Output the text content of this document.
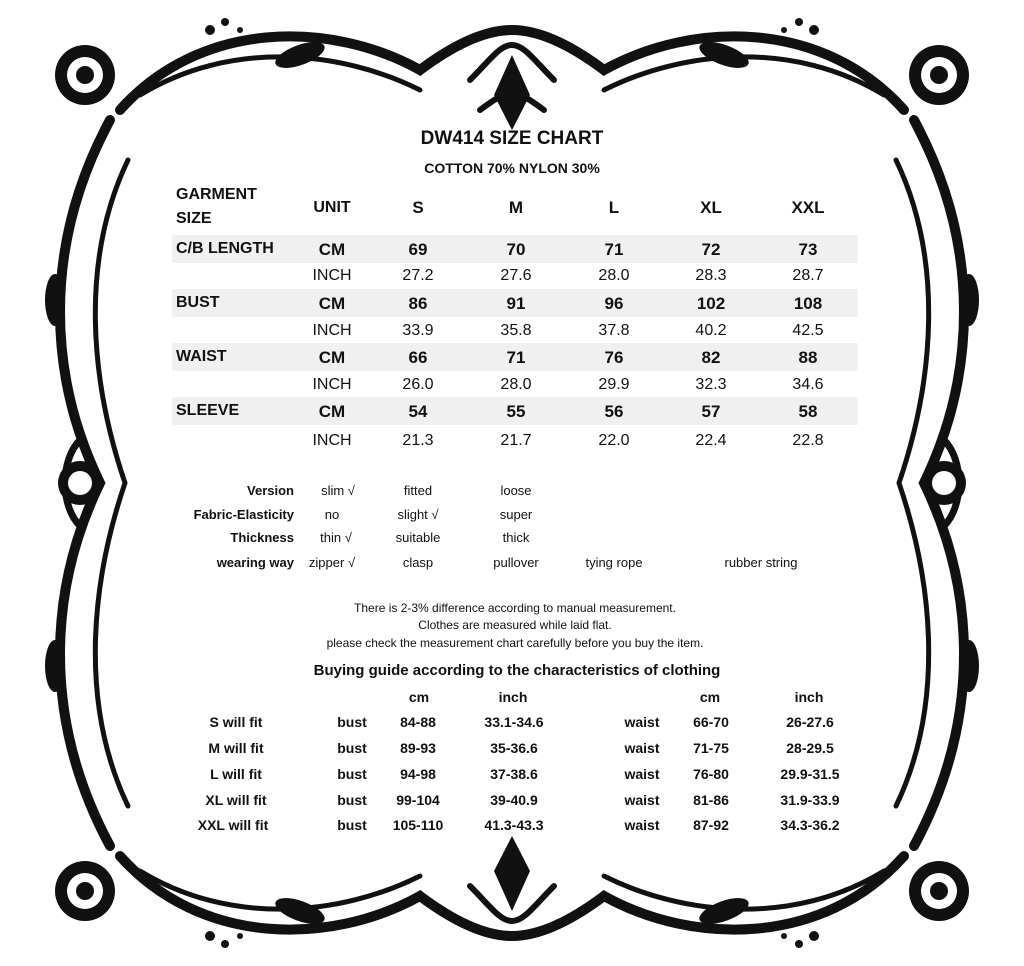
DW414 SIZE CHART
COTTON 70% NYLON 30%
GARMENT
SIZE
UNIT	S	M	L	XL	XXL
C/B LENGTH	CM	69	70	71	72	73
INCH	27.2	27.6	28.0	28.3	28.7
BUST	CM	86	91	96	102	108
INCH	33.9	35.8	37.8	40.2	42.5
WAIST	CM	66	71	76	82	88
INCH	26.0	28.0	29.9	32.3	34.6
SLEEVE	CM	54	55	56	57	58
INCH	21.3	21.7	22.0	22.4	22.8
Version	slim √	fitted	loose
Fabric-Elasticity	no	slight √	super
Thickness	thin √	suitable	thick
wearing way	zipper √	clasp	pullover	tying rope	rubber string
There is 2-3% difference according to manual measurement.
Clothes are measured while laid flat.
please check the measurement chart carefully before you buy the item.
Buying guide according to the characteristics of clothing
cm	inch	cm	inch
S will fit	bust	84-88	33.1-34.6	waist	66-70	26-27.6
M will fit	bust	89-93	35-36.6	waist	71-75	28-29.5
L will fit	bust	94-98	37-38.6	waist	76-80	29.9-31.5
XL will fit	bust	99-104	39-40.9	waist	81-86	31.9-33.9
XXL will fit	bust	105-110	41.3-43.3	waist	87-92	34.3-36.2
